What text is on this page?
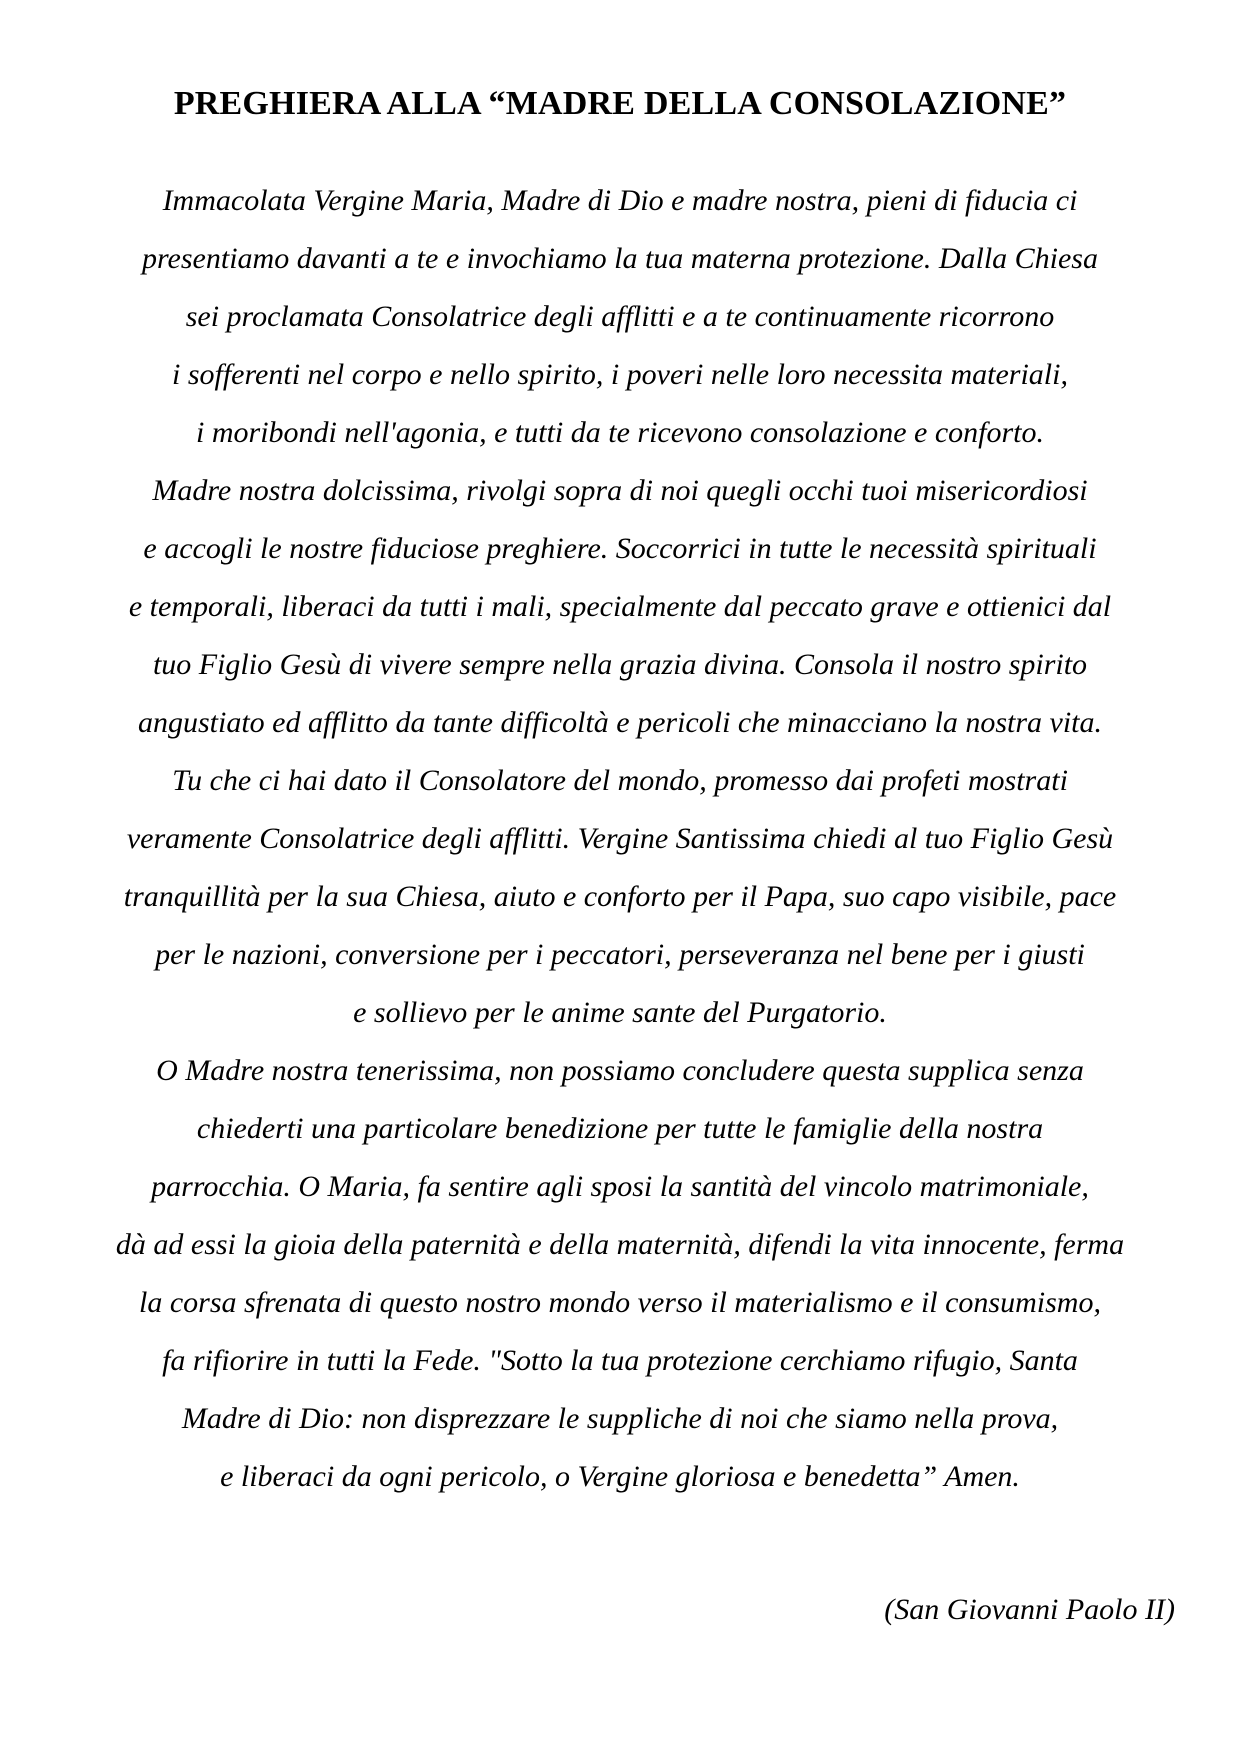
PREGHIERA ALLA “MADRE DELLA CONSOLAZIONE”
Immacolata Vergine Maria, Madre di Dio e madre nostra, pieni di fiducia ci
presentiamo davanti a te e invochiamo la tua materna protezione. Dalla Chiesa
sei proclamata Consolatrice degli afflitti e a te continuamente ricorrono
i sofferenti nel corpo e nello spirito, i poveri nelle loro necessita materiali,
i moribondi nell'agonia, e tutti da te ricevono consolazione e conforto.
Madre nostra dolcissima, rivolgi sopra di noi quegli occhi tuoi misericordiosi
e accogli le nostre fiduciose preghiere. Soccorrici in tutte le necessità spirituali
e temporali, liberaci da tutti i mali, specialmente dal peccato grave e ottienici dal
tuo Figlio Gesù di vivere sempre nella grazia divina. Consola il nostro spirito
angustiato ed afflitto da tante difficoltà e pericoli che minacciano la nostra vita.
Tu che ci hai dato il Consolatore del mondo, promesso dai profeti mostrati
veramente Consolatrice degli afflitti. Vergine Santissima chiedi al tuo Figlio Gesù
tranquillità per la sua Chiesa, aiuto e conforto per il Papa, suo capo visibile, pace
per le nazioni, conversione per i peccatori, perseveranza nel bene per i giusti
e sollievo per le anime sante del Purgatorio.
O Madre nostra tenerissima, non possiamo concludere questa supplica senza
chiederti una particolare benedizione per tutte le famiglie della nostra
parrocchia. O Maria, fa sentire agli sposi la santità del vincolo matrimoniale,
dà ad essi la gioia della paternità e della maternità, difendi la vita innocente, ferma
la corsa sfrenata di questo nostro mondo verso il materialismo e il consumismo,
fa rifiorire in tutti la Fede. "Sotto la tua protezione cerchiamo rifugio, Santa
Madre di Dio: non disprezzare le suppliche di noi che siamo nella prova,
e liberaci da ogni pericolo, o Vergine gloriosa e benedetta” Amen.
(San Giovanni Paolo II)
